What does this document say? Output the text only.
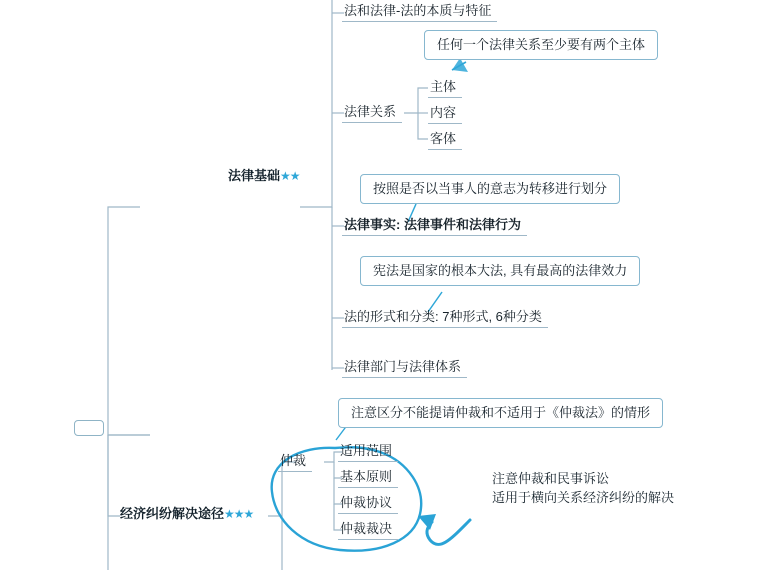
法律基础★★
法和法律-法的本质与特征
任何一个法律关系至少要有两个主体
法律关系
主体
内容
客体
按照是否以当事人的意志为转移进行划分
法律事实: 法律事件和法律行为
宪法是国家的根本大法, 具有最高的法律效力
法的形式和分类: 7种形式, 6种分类
法律部门与法律体系
经济纠纷解决途径★★★
注意区分不能提请仲裁和不适用于《仲裁法》的情形
仲裁
适用范围
基本原则
仲裁协议
仲裁裁决
注意仲裁和民事诉讼
适用于横向关系经济纠纷的解决
